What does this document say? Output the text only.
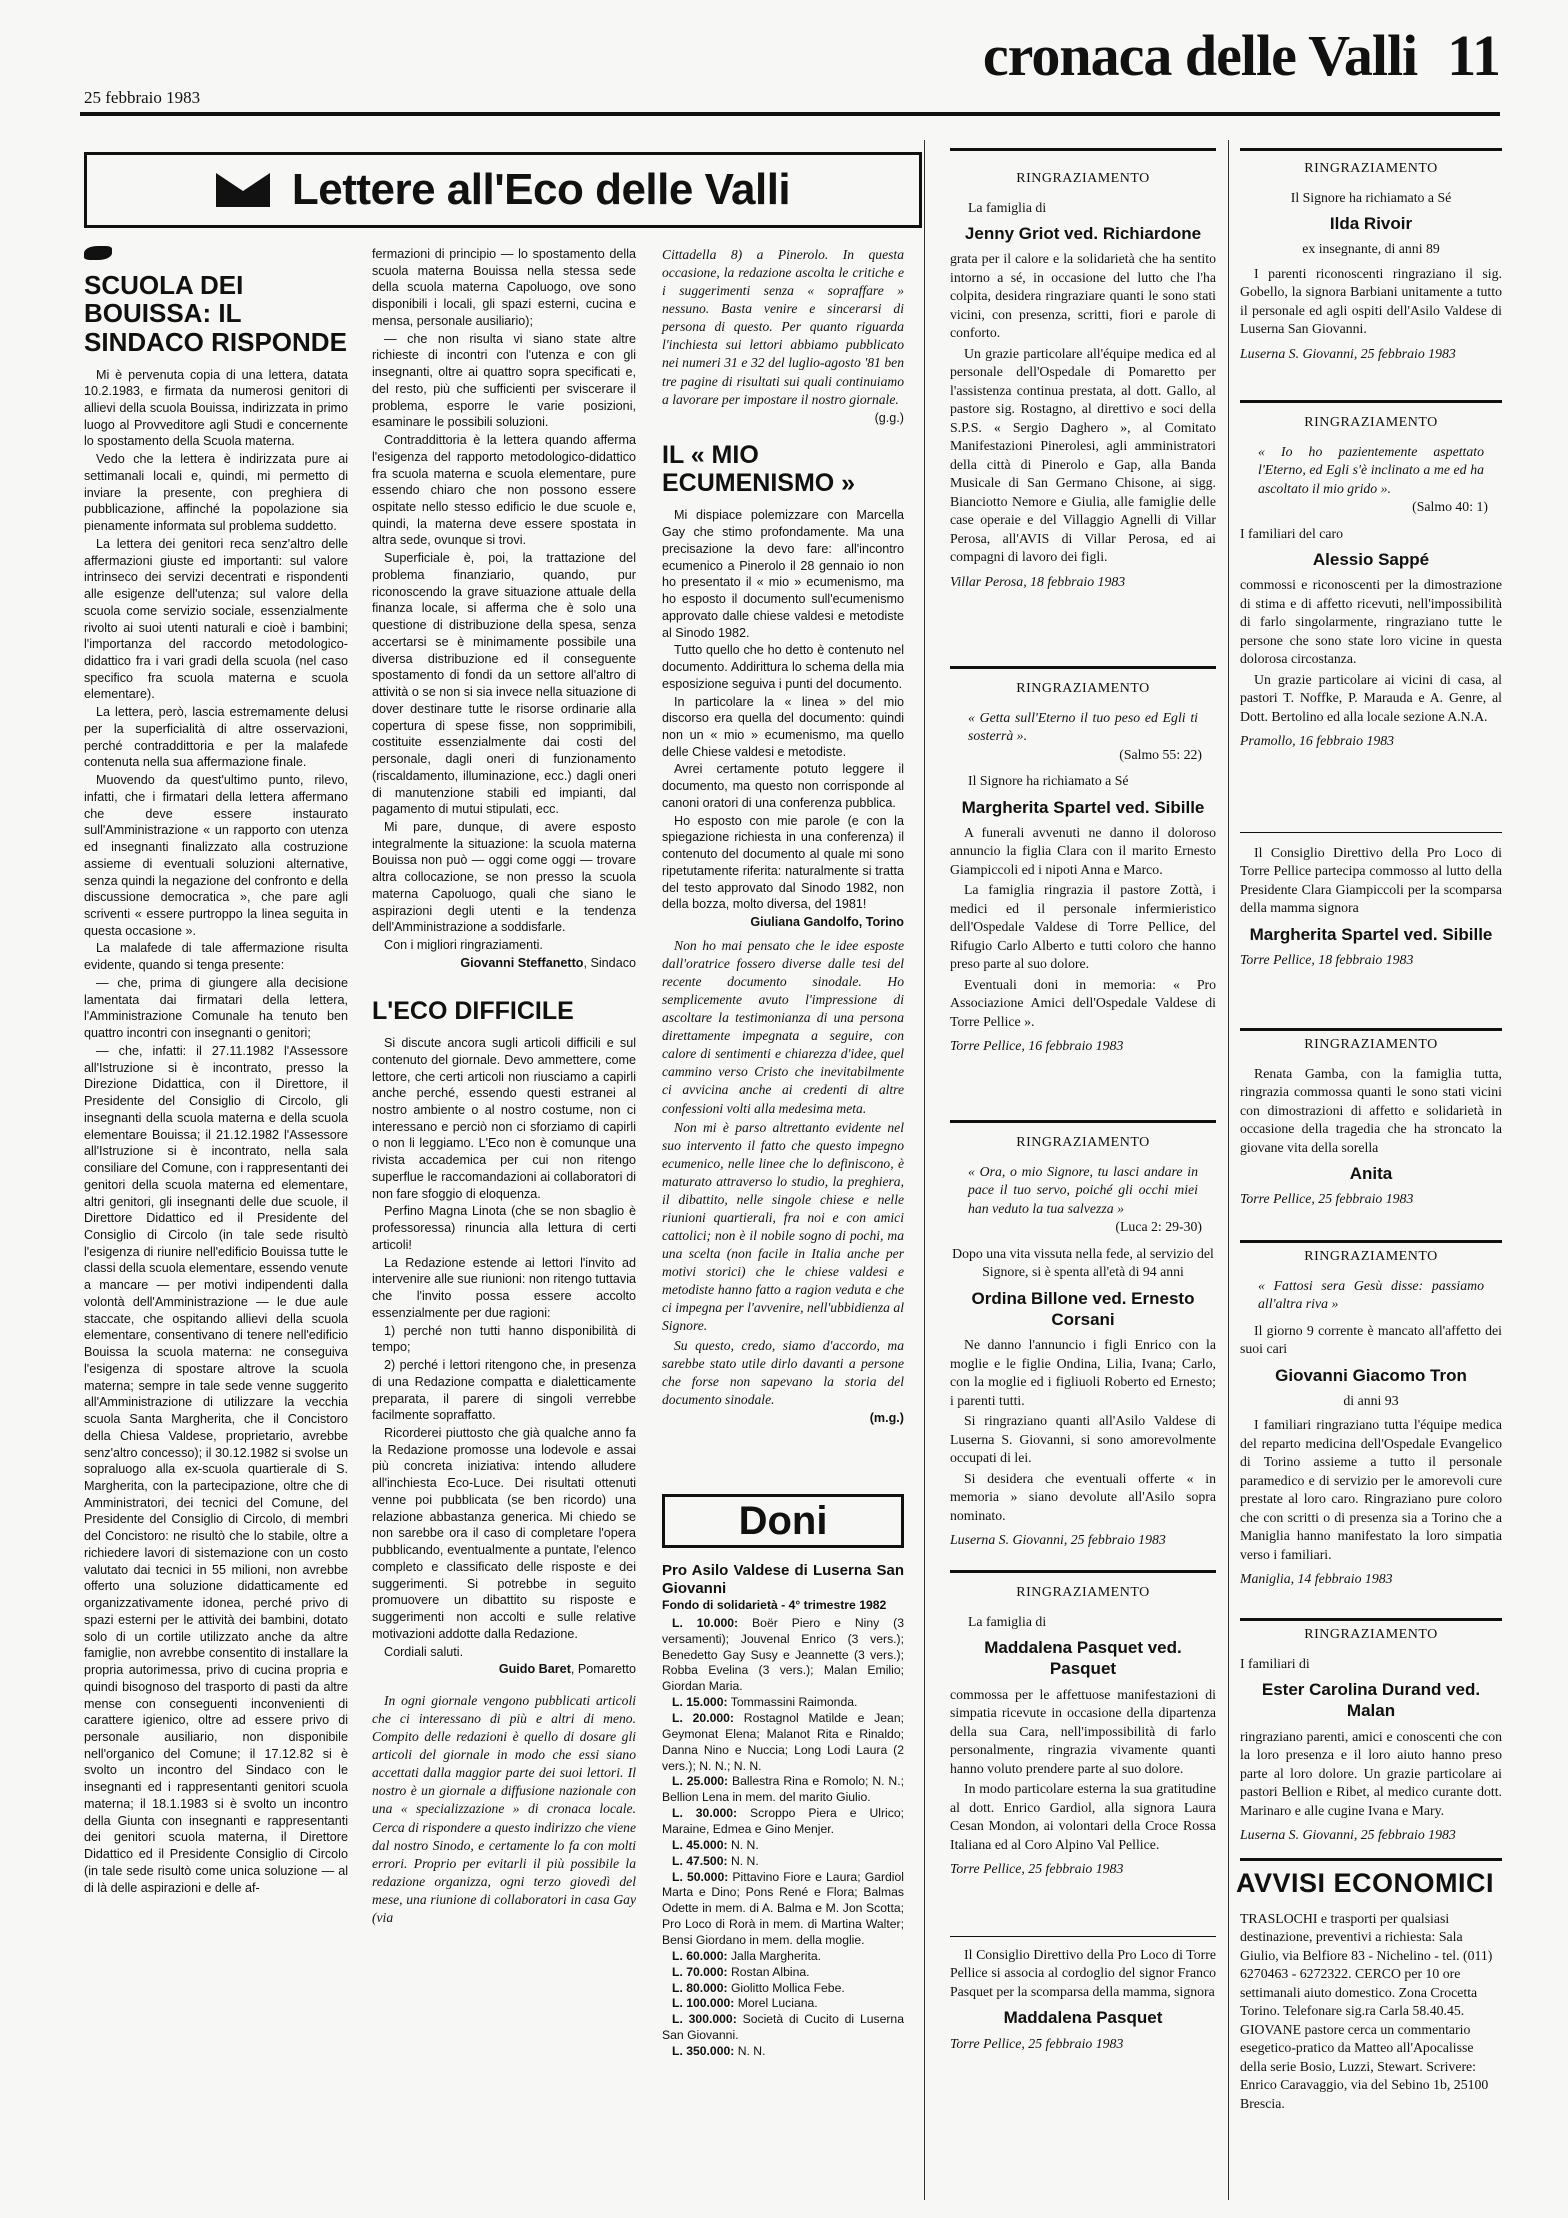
25 febbraio 1983
cronaca delle Valli 11
Lettere all'Eco delle Valli
SCUOLA DEI BOUISSA: IL SINDACO RISPONDE

Mi è pervenuta copia di una lettera, datata 10.2.1983, e firmata da numerosi genitori di allievi della scuola Bouissa, indirizzata in primo luogo al Provveditore agli Studi e concernente lo spostamento della Scuola materna.

Vedo che la lettera è indirizzata pure ai settimanali locali e, quindi, mi permetto di inviare la presente, con preghiera di pubblicazione, affinché la popolazione sia pienamente informata sul problema suddetto.

La lettera dei genitori reca senz'altro delle affermazioni giuste ed importanti: sul valore intrinseco dei servizi decentrati e rispondenti alle esigenze dell'utenza; sul valore della scuola come servizio sociale, essenzialmente rivolto ai suoi utenti naturali e cioè i bambini; l'importanza del raccordo metodologico-didattico fra i vari gradi della scuola (nel caso specifico fra scuola materna e scuola elementare).

La lettera, però, lascia estremamente delusi per la superficialità di altre osservazioni, perché contraddittoria e per la malafede contenuta nella sua affermazione finale.

Muovendo da quest'ultimo punto, rilevo, infatti, che i firmatari della lettera affermano che deve essere instaurato sull'Amministrazione « un rapporto con utenza ed insegnanti finalizzato alla costruzione assieme di eventuali soluzioni alternative, senza quindi la negazione del confronto e della discussione democratica », che pare agli scriventi « essere purtroppo la linea seguita in questa occasione ».

La malafede di tale affermazione risulta evidente, quando si tenga presente:

— che, prima di giungere alla decisione lamentata dai firmatari della lettera, l'Amministrazione Comunale ha tenuto ben quattro incontri con insegnanti o genitori;

— che, infatti: il 27.11.1982 l'Assessore all'Istruzione si è incontrato, presso la Direzione Didattica, con il Direttore, il Presidente del Consiglio di Circolo, gli insegnanti della scuola materna e della scuola elementare Bouissa; il 21.12.1982 l'Assessore all'Istruzione si è incontrato, nella sala consiliare del Comune, con i rappresentanti dei genitori della scuola materna ed elementare, altri genitori, gli insegnanti delle due scuole, il Direttore Didattico ed il Presidente del Consiglio di Circolo (in tale sede risultò l'esigenza di riunire nell'edificio Bouissa tutte le classi della scuola elementare, essendo venute a mancare — per motivi indipendenti dalla volontà dell'Amministrazione — le due aule staccate, che ospitando allievi della scuola elementare, consentivano di tenere nell'edificio Bouissa la scuola materna: ne conseguiva l'esigenza di spostare altrove la scuola materna; sempre in tale sede venne suggerito all'Amministrazione di utilizzare la vecchia scuola Santa Margherita, che il Concistoro della Chiesa Valdese, proprietario, avrebbe senz'altro concesso); il 30.12.1982 si svolse un sopraluogo alla ex-scuola quartierale di S. Margherita, con la partecipazione, oltre che di Amministratori, dei tecnici del Comune, del Presidente del Consiglio di Circolo, di membri del Concistoro: ne risultò che lo stabile, oltre a richiedere lavori di sistemazione con un costo valutato dai tecnici in 55 milioni, non avrebbe offerto una soluzione didatticamente ed organizzativamente idonea, perché privo di spazi esterni per le attività dei bambini, dotato solo di un cortile utilizzato anche da altre famiglie, non avrebbe consentito di installare la propria autorimessa, privo di cucina propria e quindi bisognoso del trasporto di pasti da altre mense con conseguenti inconvenienti di carattere igienico, oltre ad essere privo di personale ausiliario, non disponibile nell'organico del Comune; il 17.12.82 si è svolto un incontro del Sindaco con le insegnanti ed i rappresentanti genitori scuola materna; il 18.1.1983 si è svolto un incontro della Giunta con insegnanti e rappresentanti dei genitori scuola materna, il Direttore Didattico ed il Presidente Consiglio di Circolo (in tale sede risultò come unica soluzione — al di là delle aspirazioni e delle af-

fermazioni di principio — lo spostamento della scuola materna Bouissa nella stessa sede della scuola materna Capoluogo, ove sono disponibili i locali, gli spazi esterni, cucina e mensa, personale ausiliario);

— che non risulta vi siano state altre richieste di incontri con l'utenza e con gli insegnanti, oltre ai quattro sopra specificati e, del resto, più che sufficienti per sviscerare il problema, esporre le varie posizioni, esaminare le possibili soluzioni.

Contraddittoria è la lettera quando afferma l'esigenza del rapporto metodologico-didattico fra scuola materna e scuola elementare, pure essendo chiaro che non possono essere ospitate nello stesso edificio le due scuole e, quindi, la materna deve essere spostata in altra sede, ovunque si trovi.

Superficiale è, poi, la trattazione del problema finanziario, quando, pur riconoscendo la grave situazione attuale della finanza locale, si afferma che è solo una questione di distribuzione della spesa, senza accertarsi se è minimamente possibile una diversa distribuzione ed il conseguente spostamento di fondi da un settore all'altro di attività o se non si sia invece nella situazione di dover destinare tutte le risorse ordinarie alla copertura di spese fisse, non sopprimibili, costituite essenzialmente dai costi del personale, dagli oneri di funzionamento (riscaldamento, illuminazione, ecc.) dagli oneri di manutenzione stabili ed impianti, dal pagamento di mutui stipulati, ecc.

Mi pare, dunque, di avere esposto integralmente la situazione: la scuola materna Bouissa non può — oggi come oggi — trovare altra collocazione, se non presso la scuola materna Capoluogo, quali che siano le aspirazioni degli utenti e la tendenza dell'Amministrazione a soddisfarle.

Con i migliori ringraziamenti.

Giovanni Steffanetto, Sindaco

L'ECO DIFFICILE

Si discute ancora sugli articoli difficili e sul contenuto del giornale. Devo ammettere, come lettore, che certi articoli non riusciamo a capirli anche perché, essendo questi estranei al nostro ambiente o al nostro costume, non ci interessano e perciò non ci sforziamo di capirli o non li leggiamo. L'Eco non è comunque una rivista accademica per cui non ritengo superflue le raccomandazioni ai collaboratori di non fare sfoggio di eloquenza.

Perfino Magna Linota (che se non sbaglio è professoressa) rinuncia alla lettura di certi articoli!

La Redazione estende ai lettori l'invito ad intervenire alle sue riunioni: non ritengo tuttavia che l'invito possa essere accolto essenzialmente per due ragioni:

1) perché non tutti hanno disponibilità di tempo;

2) perché i lettori ritengono che, in presenza di una Redazione compatta e dialetticamente preparata, il parere di singoli verrebbe facilmente sopraffatto.

Ricorderei piuttosto che già qualche anno fa la Redazione promosse una lodevole e assai più concreta iniziativa: intendo alludere all'inchiesta Eco-Luce. Dei risultati ottenuti venne poi pubblicata (se ben ricordo) una relazione abbastanza generica. Mi chiedo se non sarebbe ora il caso di completare l'opera pubblicando, eventualmente a puntate, l'elenco completo e classificato delle risposte e dei suggerimenti. Si potrebbe in seguito promuovere un dibattito su risposte e suggerimenti non accolti e sulle relative motivazioni addotte dalla Redazione.

Cordiali saluti.

Guido Baret, Pomaretto

In ogni giornale vengono pubblicati articoli che ci interessano di più e altri di meno. Compito delle redazioni è quello di dosare gli articoli del giornale in modo che essi siano accettati dalla maggior parte dei suoi lettori. Il nostro è un giornale a diffusione nazionale con una « specializzazione » di cronaca locale. Cerca di rispondere a questo indirizzo che viene dal nostro Sinodo, e certamente lo fa con molti errori. Proprio per evitarli il più possibile la redazione organizza, ogni terzo giovedì del mese, una riunione di collaboratori in casa Gay (via

Cittadella 8) a Pinerolo. In questa occasione, la redazione ascolta le critiche e i suggerimenti senza « sopraffare » nessuno. Basta venire e sincerarsi di persona di questo. Per quanto riguarda l'inchiesta sui lettori abbiamo pubblicato nei numeri 31 e 32 del luglio-agosto '81 ben tre pagine di risultati sui quali continuiamo a lavorare per impostare il nostro giornale.

(g.g.)

IL « MIO ECUMENISMO »

Mi dispiace polemizzare con Marcella Gay che stimo profondamente. Ma una precisazione la devo fare: all'incontro ecumenico a Pinerolo il 28 gennaio io non ho presentato il « mio » ecumenismo, ma ho esposto il documento sull'ecumenismo approvato dalle chiese valdesi e metodiste al Sinodo 1982.

Tutto quello che ho detto è contenuto nel documento. Addirittura lo schema della mia esposizione seguiva i punti del documento.

In particolare la « linea » del mio discorso era quella del documento: quindi non un « mio » ecumenismo, ma quello delle Chiese valdesi e metodiste.

Avrei certamente potuto leggere il documento, ma questo non corrisponde al canoni oratori di una conferenza pubblica.

Ho esposto con mie parole (e con la spiegazione richiesta in una conferenza) il contenuto del documento al quale mi sono ripetutamente riferita: naturalmente si tratta del testo approvato dal Sinodo 1982, non della bozza, molto diversa, del 1981!

Giuliana Gandolfo, Torino

Non ho mai pensato che le idee esposte dall'oratrice fossero diverse dalle tesi del recente documento sinodale. Ho semplicemente avuto l'impressione di ascoltare la testimonianza di una persona direttamente impegnata a seguire, con calore di sentimenti e chiarezza d'idee, quel cammino verso Cristo che inevitabilmente ci avvicina anche ai credenti di altre confessioni volti alla medesima meta.

Non mi è parso altrettanto evidente nel suo intervento il fatto che questo impegno ecumenico, nelle linee che lo definiscono, è maturato attraverso lo studio, la preghiera, il dibattito, nelle singole chiese e nelle riunioni quartierali, fra noi e con amici cattolici; non è il nobile sogno di pochi, ma una scelta (non facile in Italia anche per motivi storici) che le chiese valdesi e metodiste hanno fatto a ragion veduta e che ci impegna per l'avvenire, nell'ubbidienza al Signore.

Su questo, credo, siamo d'accordo, ma sarebbe stato utile dirlo davanti a persone che forse non sapevano la storia del documento sinodale.

(m.g.)

Doni
Pro Asilo Valdese di Luserna San Giovanni
Fondo di solidarietà - 4° trimestre 1982

L. 10.000: Boër Piero e Niny (3 versamenti); Jouvenal Enrico (3 vers.); Benedetto Gay Susy e Jeannette (3 vers.); Robba Evelina (3 vers.); Malan Emilio; Giordan Maria.

L. 15.000: Tommassini Raimonda.

L. 20.000: Rostagnol Matilde e Jean; Geymonat Elena; Malanot Rita e Rinaldo; Danna Nino e Nuccia; Long Lodi Laura (2 vers.); N. N.; N. N.

L. 25.000: Ballestra Rina e Romolo; N. N.; Bellion Lena in mem. del marito Giulio.

L. 30.000: Scroppo Piera e Ulrico; Maraine, Edmea e Gino Menjer.

L. 45.000: N. N.

L. 47.500: N. N.

L. 50.000: Pittavino Fiore e Laura; Gardiol Marta e Dino; Pons René e Flora; Balmas Odette in mem. di A. Balma e M. Jon Scotta; Pro Loco di Rorà in mem. di Martina Walter; Bensi Giordano in mem. della moglie.

L. 60.000: Jalla Margherita.

L. 70.000: Rostan Albina.

L. 80.000: Giolitto Mollica Febe.

L. 100.000: Morel Luciana.

L. 300.000: Società di Cucito di Luserna San Giovanni.

L. 350.000: N. N.

RINGRAZIAMENTO

La famiglia di

Jenny Griot ved. Richiardone

grata per il calore e la solidarietà che ha sentito intorno a sé, in occasione del lutto che l'ha colpita, desidera ringraziare quanti le sono stati vicini, con presenza, scritti, fiori e parole di conforto.

Un grazie particolare all'équipe medica ed al personale dell'Ospedale di Pomaretto per l'assistenza continua prestata, al dott. Gallo, al pastore sig. Rostagno, al direttivo e soci della S.P.S. « Sergio Daghero », al Comitato Manifestazioni Pinerolesi, agli amministratori della città di Pinerolo e Gap, alla Banda Musicale di San Germano Chisone, ai sigg. Bianciotto Nemore e Giulia, alle famiglie delle case operaie e del Villaggio Agnelli di Villar Perosa, all'AVIS di Villar Perosa, ed ai compagni di lavoro dei figli.

Villar Perosa, 18 febbraio 1983
RINGRAZIAMENTO
« Getta sull'Eterno il tuo peso ed Egli ti sosterrà ».
(Salmo 55: 22)

Il Signore ha richiamato a Sé

Margherita Spartel ved. Sibille

A funerali avvenuti ne danno il doloroso annuncio la figlia Clara con il marito Ernesto Giampiccoli ed i nipoti Anna e Marco.

La famiglia ringrazia il pastore Zottà, i medici ed il personale infermieristico dell'Ospedale Valdese di Torre Pellice, del Rifugio Carlo Alberto e tutti coloro che hanno preso parte al suo dolore.

Eventuali doni in memoria: « Pro Associazione Amici dell'Ospedale Valdese di Torre Pellice ».

Torre Pellice, 16 febbraio 1983
RINGRAZIAMENTO
« Ora, o mio Signore, tu lasci andare in pace il tuo servo, poiché gli occhi miei han veduto la tua salvezza »
(Luca 2: 29-30)

Dopo una vita vissuta nella fede, al servizio del Signore, si è spenta all'età di 94 anni

Ordina Billone ved. Ernesto Corsani

Ne danno l'annuncio i figli Enrico con la moglie e le figlie Ondina, Lilia, Ivana; Carlo, con la moglie ed i figliuoli Roberto ed Ernesto; i parenti tutti.

Si ringraziano quanti all'Asilo Valdese di Luserna S. Giovanni, si sono amorevolmente occupati di lei.

Si desidera che eventuali offerte « in memoria » siano devolute all'Asilo sopra nominato.

Luserna S. Giovanni, 25 febbraio 1983
RINGRAZIAMENTO

La famiglia di

Maddalena Pasquet ved. Pasquet

commossa per le affettuose manifestazioni di simpatia ricevute in occasione della dipartenza della sua Cara, nell'impossibilità di farlo personalmente, ringrazia vivamente quanti hanno voluto prendere parte al suo dolore.

In modo particolare esterna la sua gratitudine al dott. Enrico Gardiol, alla signora Laura Cesan Mondon, ai volontari della Croce Rossa Italiana ed al Coro Alpino Val Pellice.

Torre Pellice, 25 febbraio 1983

Il Consiglio Direttivo della Pro Loco di Torre Pellice si associa al cordoglio del signor Franco Pasquet per la scomparsa della mamma, signora

Maddalena Pasquet
Torre Pellice, 25 febbraio 1983
RINGRAZIAMENTO

Il Signore ha richiamato a Sé

Ilda Rivoir
ex insegnante, di anni 89

I parenti riconoscenti ringraziano il sig. Gobello, la signora Barbiani unitamente a tutto il personale ed agli ospiti dell'Asilo Valdese di Luserna San Giovanni.

Luserna S. Giovanni, 25 febbraio 1983
RINGRAZIAMENTO
« Io ho pazientemente aspettato l'Eterno, ed Egli s'è inclinato a me ed ha ascoltato il mio grido ».
(Salmo 40: 1)

I familiari del caro

Alessio Sappé

commossi e riconoscenti per la dimostrazione di stima e di affetto ricevuti, nell'impossibilità di farlo singolarmente, ringraziano tutte le persone che sono state loro vicine in questa dolorosa circostanza.

Un grazie particolare ai vicini di casa, al pastori T. Noffke, P. Marauda e A. Genre, al Dott. Bertolino ed alla locale sezione A.N.A.

Pramollo, 16 febbraio 1983

Il Consiglio Direttivo della Pro Loco di Torre Pellice partecipa commosso al lutto della Presidente Clara Giampiccoli per la scomparsa della mamma signora

Margherita Spartel ved. Sibille
Torre Pellice, 18 febbraio 1983
RINGRAZIAMENTO

Renata Gamba, con la famiglia tutta, ringrazia commossa quanti le sono stati vicini con dimostrazioni di affetto e solidarietà in occasione della tragedia che ha stroncato la giovane vita della sorella

Anita
Torre Pellice, 25 febbraio 1983
RINGRAZIAMENTO
« Fattosi sera Gesù disse: passiamo all'altra riva »

Il giorno 9 corrente è mancato all'affetto dei suoi cari

Giovanni Giacomo Tron
di anni 93

I familiari ringraziano tutta l'équipe medica del reparto medicina dell'Ospedale Evangelico di Torino assieme a tutto il personale paramedico e di servizio per le amorevoli cure prestate al loro caro. Ringraziano pure coloro che con scritti o di presenza sia a Torino che a Maniglia hanno manifestato la loro simpatia verso i familiari.

Maniglia, 14 febbraio 1983
RINGRAZIAMENTO

I familiari di

Ester Carolina Durand ved. Malan

ringraziano parenti, amici e conoscenti che con la loro presenza e il loro aiuto hanno preso parte al loro dolore. Un grazie particolare ai pastori Bellion e Ribet, al medico curante dott. Marinaro e alle cugine Ivana e Mary.

Luserna S. Giovanni, 25 febbraio 1983
AVVISI ECONOMICI

TRASLOCHI e trasporti per qualsiasi destinazione, preventivi a richiesta: Sala Giulio, via Belfiore 83 - Nichelino - tel. (011) 6270463 - 6272322. CERCO per 10 ore settimanali aiuto domestico. Zona Crocetta Torino. Telefonare sig.ra Carla 58.40.45. GIOVANE pastore cerca un commentario esegetico-pratico da Matteo all'Apocalisse della serie Bosio, Luzzi, Stewart. Scrivere: Enrico Caravaggio, via del Sebino 1b, 25100 Brescia.
